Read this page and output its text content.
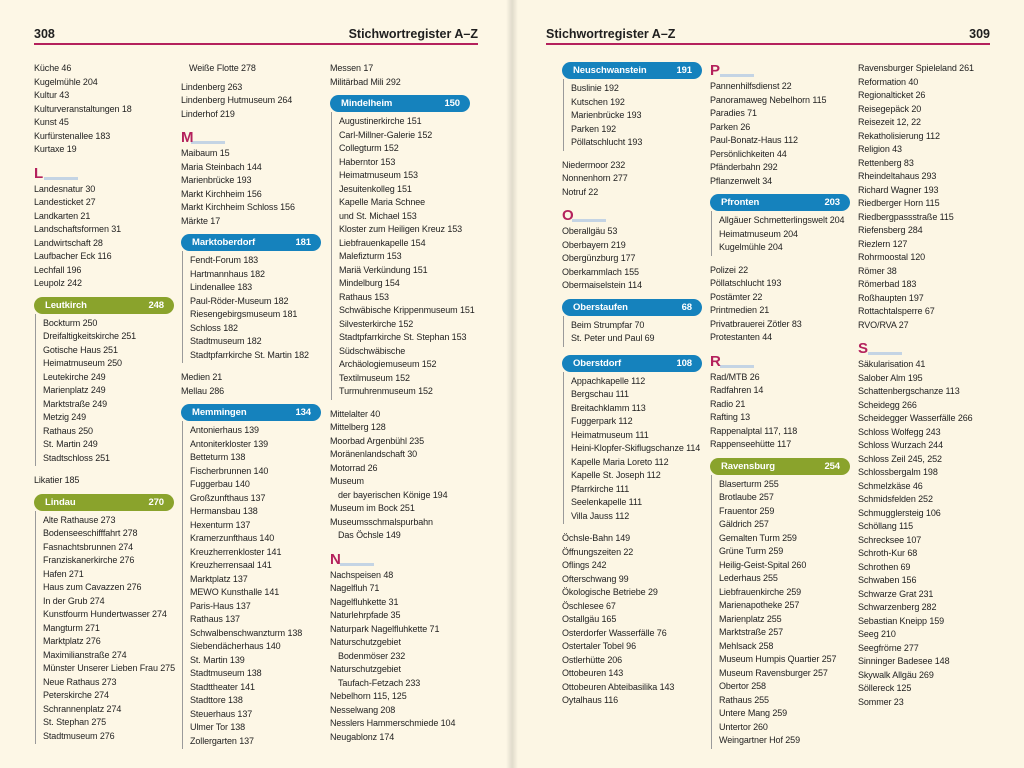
308	Stichwortregister A–Z
Küche 46
Kugelmühle 204
Kultur 43
Kulturveranstaltungen 18
Kunst 45
Kurfürstenallee 183
Kurtaxe 19
L
Landesnatur 30
Landesticket 27
Landkarten 21
Landschaftsformen 31
Landwirtschaft 28
Laufbacher Eck 116
Lechfall 196
Leupolz 242
Leutkirch	248
Bockturm 250
Dreifaltigkeitskirche 251
Gotische Haus 251
Heimatmuseum 250
Leutekirche 249
Marienplatz 249
Marktstraße 249
Metzig 249
Rathaus 250
St. Martin 249
Stadtschloss 251
Likatier 185
Lindau	270
Alte Rathause 273
Bodenseeschifffahrt 278
Fasnachtsbrunnen 274
Franziskanerkirche 276
Hafen 271
Haus zum Cavazzen 276
In der Grub 274
Kunstfourm Hundertwasser 274
Mangturm 271
Marktplatz 276
Maximilianstraße 274
Münster Unserer Lieben Frau 275
Neue Rathaus 273
Peterskirche 274
Schrannenplatz 274
St. Stephan 275
Stadtmuseum 276
Weiße Flotte 278
Lindenberg 263
Lindenberg Hutmuseum 264
Linderhof 219
M
Maibaum 15
Maria Steinbach 144
Marienbrücke 193
Markt Kirchheim 156
Markt Kirchheim Schloss 156
Märkte 17
Marktoberdorf	181
Fendt-Forum 183
Hartmannhaus 182
Lindenallee 183
Paul-Röder-Museum 182
Riesengebirgsmuseum 181
Schloss 182
Stadtmuseum 182
Stadtpfarrkirche St. Martin 182
Medien 21
Mellau 286
Memmingen	134
Antonierhaus 139
Antoniterkloster 139
Betteturm 138
Fischerbrunnen 140
Fuggerbau 140
Großzunfthaus 137
Hermansbau 138
Hexenturm 137
Kramerzunfthaus 140
Kreuzherrenkloster 141
Kreuzherrensaal 141
Marktplatz 137
MEWO Kunsthalle 141
Paris-Haus 137
Rathaus 137
Schwalbenschwanzturm 138
Siebendächerhaus 140
St. Martin 139
Stadtmuseum 138
Stadttheater 141
Stadttore 138
Steuerhaus 137
Ulmer Tor 138
Zollergarten 137
Messen 17
Militärbad Mili 292
Mindelheim	150
Augustinerkirche 151
Carl-Millner-Galerie 152
Collegturm 152
Haberntor 153
Heimatmuseum 153
Jesuitenkolleg 151
Kapelle Maria Schnee
und St. Michael 153
Kloster zum Heiligen Kreuz 153
Liebfrauenkapelle 154
Malefizturm 153
Mariä Verkündung 151
Mindelburg 154
Rathaus 153
Schwäbische Krippenmuseum 151
Silvesterkirche 152
Stadtpfarrkirche St. Stephan 153
Südschwäbische
Archäologiemuseum 152
Textilmuseum 152
Turmuhrenmuseum 152
Mittelalter 40
Mittelberg 128
Moorbad Argenbühl 235
Moränenlandschaft 30
Motorrad 26
Museum
der bayerischen Könige 194
Museum im Bock 251
Museumsschmalspurbahn
Das Öchsle 149
N
Nachspeisen 48
Nagelfluh 71
Nagelfluhkette 31
Naturlehrpfade 35
Naturpark Nagelfluhkette 71
Naturschutzgebiet
Bodenmöser 232
Naturschutzgebiet
Taufach-Fetzach 233
Nebelhorn 115, 125
Nesselwang 208
Nesslers Hammerschmiede 104
Neugablonz 174
Stichwortregister A–Z	309
Neuschwanstein	191
Buslinie 192
Kutschen 192
Marienbrücke 193
Parken 192
Pöllatschlucht 193
Niedermoor 232
Nonnenhorn 277
Notruf 22
O
Oberallgäu 53
Oberbayern 219
Obergünzburg 177
Oberkammlach 155
Obermaiselstein 114
Oberstaufen	68
Beim Strumpfar 70
St. Peter und Paul 69
Oberstdorf	108
Appachkapelle 112
Bergschau 111
Breitachklamm 113
Fuggerpark 112
Heimatmuseum 111
Heini-Klopfer-Skiflugschanze 114
Kapelle Maria Loreto 112
Kapelle St. Joseph 112
Pfarrkirche 111
Seelenkapelle 111
Villa Jauss 112
Öchsle-Bahn 149
Öffnungszeiten 22
Oflings 242
Ofterschwang 99
Ökologische Betriebe 29
Öschlesee 67
Ostallgäu 165
Osterdorfer Wasserfälle 76
Ostertaler Tobel 96
Ostlerhütte 206
Ottobeuren 143
Ottobeuren Abteibasilika 143
Oytalhaus 116
P
Pannenhilfsdienst 22
Panoramaweg Nebelhorn 115
Paradies 71
Parken 26
Paul-Bonatz-Haus 112
Persönlichkeiten 44
Pfänderbahn 292
Pflanzenwelt 34
Pfronten	203
Allgäuer Schmetterlingswelt 204
Heimatmuseum 204
Kugelmühle 204
Polizei 22
Pöllatschlucht 193
Postämter 22
Printmedien 21
Privatbrauerei Zötler 83
Protestanten 44
R
Rad/MTB 26
Radfahren 14
Radio 21
Rafting 13
Rappenalptal 117, 118
Rappenseehütte 117
Ravensburg	254
Blaserturm 255
Brotlaube 257
Frauentor 259
Gäldrich 257
Gemalten Turm 259
Grüne Turm 259
Heilig-Geist-Spital 260
Lederhaus 255
Liebfrauenkirche 259
Marienapotheke 257
Marienplatz 255
Marktstraße 257
Mehlsack 258
Museum Humpis Quartier 257
Museum Ravensburger 257
Obertor 258
Rathaus 255
Untere Mang 259
Untertor 260
Weingartner Hof 259
Ravensburger Spieleland 261
Reformation 40
Regionalticket 26
Reisegepäck 20
Reisezeit 12, 22
Rekatholisierung 112
Religion 43
Rettenberg 83
Rheindeltahaus 293
Richard Wagner 193
Riedberger Horn 115
Riedbergpassstraße 115
Riefensberg 284
Riezlern 127
Rohrmoostal 120
Römer 38
Römerbad 183
Roßhaupten 197
Rottachtalsperre 67
RVO/RVA 27
S
Säkularisation 41
Salober Alm 195
Schattenbergschanze 113
Scheidegg 266
Scheidegger Wasserfälle 266
Schloss Wolfegg 243
Schloss Wurzach 244
Schloss Zeil 245, 252
Schlossbergalm 198
Schmelzkäse 46
Schmidsfelden 252
Schmugglersteig 106
Schöllang 115
Schrecksee 107
Schroth-Kur 68
Schrothen 69
Schwaben 156
Schwarze Grat 231
Schwarzenberg 282
Sebastian Kneipp 159
Seeg 210
Seegfrörne 277
Sinninger Badesee 148
Skywalk Allgäu 269
Söllereck 125
Sommer 23
